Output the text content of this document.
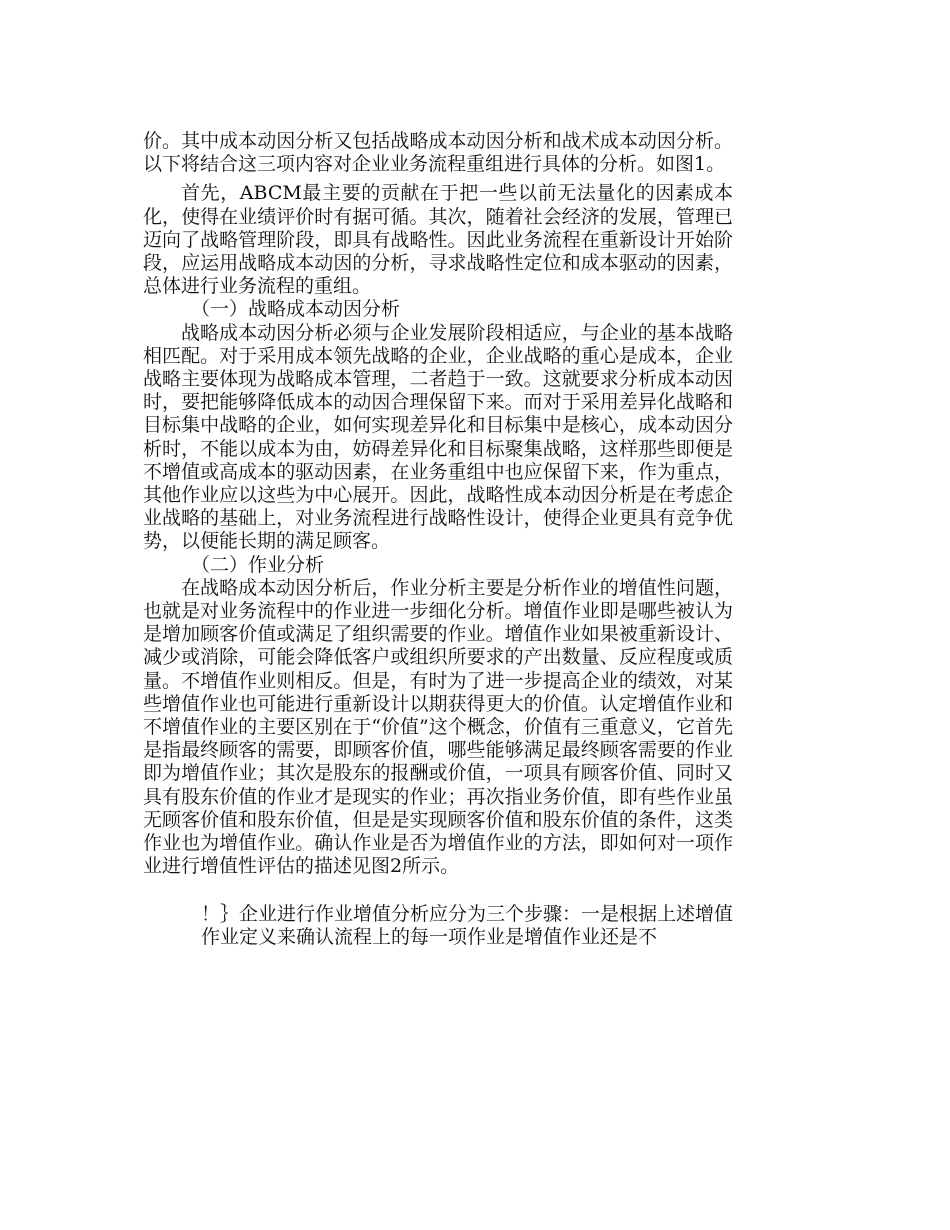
价。其中成本动因分析又包括战略成本动因分析和战术成本动因分析。以下将结合这三项内容对企业业务流程重组进行具体的分析。如图1。

首先，ABCM最主要的贡献在于把一些以前无法量化的因素成本化，使得在业绩评价时有据可循。其次，随着社会经济的发展，管理已迈向了战略管理阶段，即具有战略性。因此业务流程在重新设计开始阶段，应运用战略成本动因的分析，寻求战略性定位和成本驱动的因素，总体进行业务流程的重组。

（一）战略成本动因分析

战略成本动因分析必须与企业发展阶段相适应，与企业的基本战略相匹配。对于采用成本领先战略的企业，企业战略的重心是成本，企业战略主要体现为战略成本管理，二者趋于一致。这就要求分析成本动因时，要把能够降低成本的动因合理保留下来。而对于采用差异化战略和目标集中战略的企业，如何实现差异化和目标集中是核心，成本动因分析时，不能以成本为由，妨碍差异化和目标聚集战略，这样那些即便是不增值或高成本的驱动因素，在业务重组中也应保留下来，作为重点，其他作业应以这些为中心展开。因此，战略性成本动因分析是在考虑企业战略的基础上，对业务流程进行战略性设计，使得企业更具有竞争优势，以便能长期的满足顾客。

（二）作业分析

在战略成本动因分析后，作业分析主要是分析作业的增值性问题，也就是对业务流程中的作业进一步细化分析。增值作业即是哪些被认为是增加顾客价值或满足了组织需要的作业。增值作业如果被重新设计、减少或消除，可能会降低客户或组织所要求的产出数量、反应程度或质量。不增值作业则相反。但是，有时为了进一步提高企业的绩效，对某些增值作业也可能进行重新设计以期获得更大的价值。认定增值作业和不增值作业的主要区别在于“价值”这个概念，价值有三重意义，它首先是指最终顾客的需要，即顾客价值，哪些能够满足最终顾客需要的作业即为增值作业；其次是股东的报酬或价值，一项具有顾客价值、同时又具有股东价值的作业才是现实的作业；再次指业务价值，即有些作业虽无顾客价值和股东价值，但是是实现顾客价值和股东价值的条件，这类作业也为增值作业。确认作业是否为增值作业的方法，即如何对一项作业进行增值性评估的描述见图2所示。

！｝企业进行作业增值分析应分为三个步骤：一是根据上述增值作业定义来确认流程上的每一项作业是增值作业还是不
